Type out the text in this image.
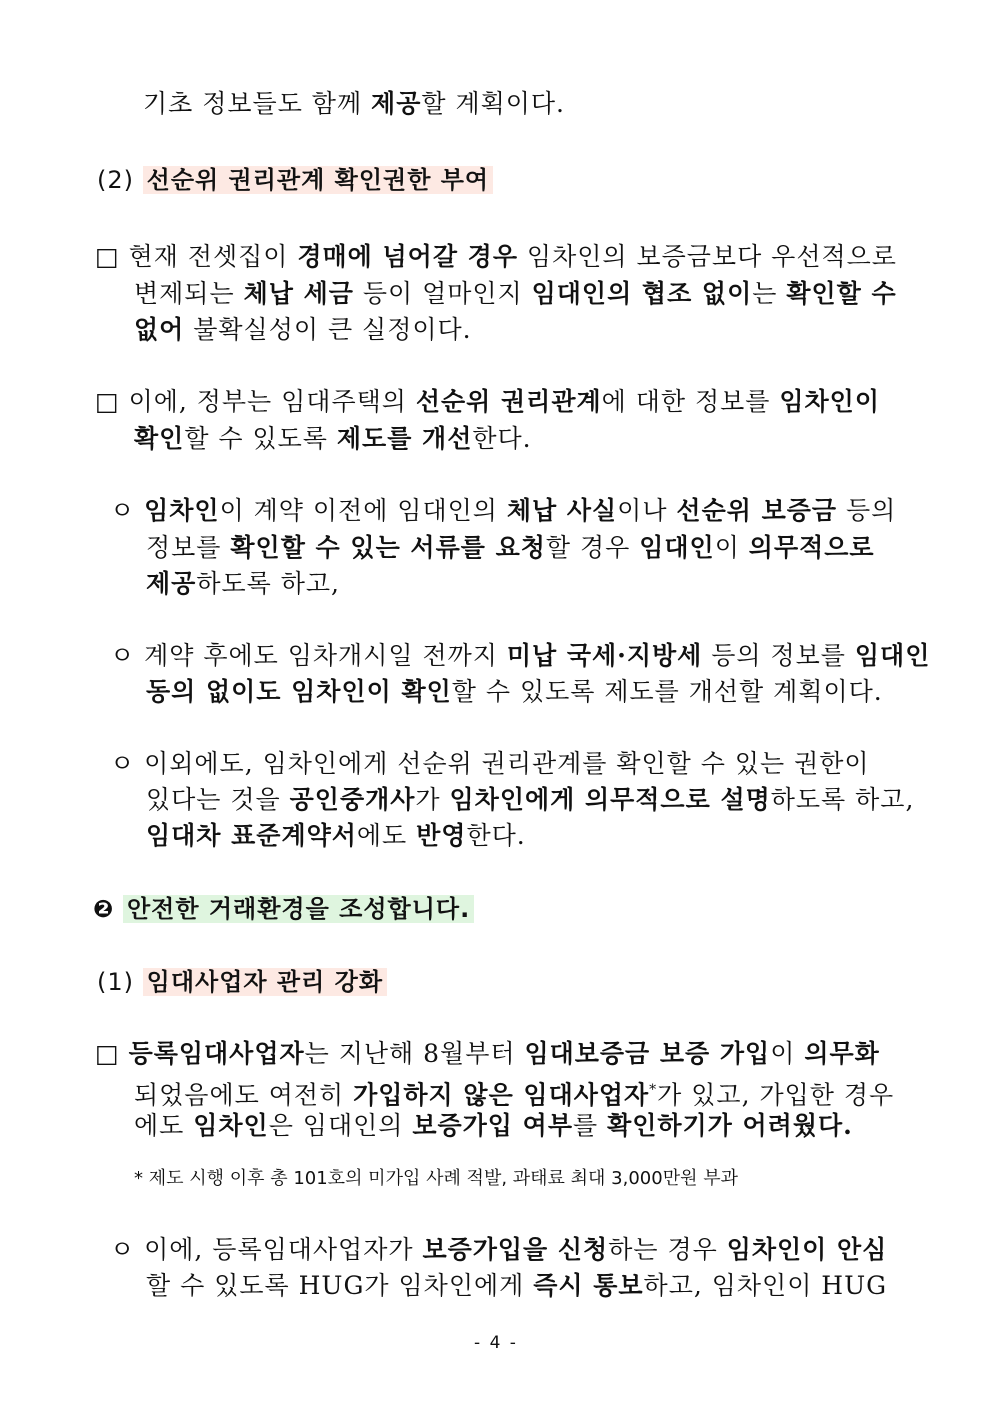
기초 정보들도 함께 제공할 계획이다.
(2) 선순위 권리관계 확인권한 부여
□ 현재 전셋집이 경매에 넘어갈 경우 임차인의 보증금보다 우선적으로
변제되는 체납 세금 등이 얼마인지 임대인의 협조 없이는 확인할 수
없어 불확실성이 큰 실정이다.
□ 이에, 정부는 임대주택의 선순위 권리관계에 대한 정보를 임차인이
확인할 수 있도록 제도를 개선한다.
ㅇ 임차인이 계약 이전에 임대인의 체납 사실이나 선순위 보증금 등의
정보를 확인할 수 있는 서류를 요청할 경우 임대인이 의무적으로
제공하도록 하고,
ㅇ 계약 후에도 임차개시일 전까지 미납 국세·지방세 등의 정보를 임대인
동의 없이도 임차인이 확인할 수 있도록 제도를 개선할 계획이다.
ㅇ 이외에도, 임차인에게 선순위 권리관계를 확인할 수 있는 권한이
있다는 것을 공인중개사가 임차인에게 의무적으로 설명하도록 하고,
임대차 표준계약서에도 반영한다.
❷ 안전한 거래환경을 조성합니다.
(1) 임대사업자 관리 강화
□ 등록임대사업자는 지난해 8월부터 임대보증금 보증 가입이 의무화
되었음에도 여전히 가입하지 않은 임대사업자*가 있고, 가입한 경우
에도 임차인은 임대인의 보증가입 여부를 확인하기가 어려웠다.
* 제도 시행 이후 총 101호의 미가입 사례 적발, 과태료 최대 3,000만원 부과
ㅇ 이에, 등록임대사업자가 보증가입을 신청하는 경우 임차인이 안심
할 수 있도록 HUG가 임차인에게 즉시 통보하고, 임차인이 HUG
- 4 -
